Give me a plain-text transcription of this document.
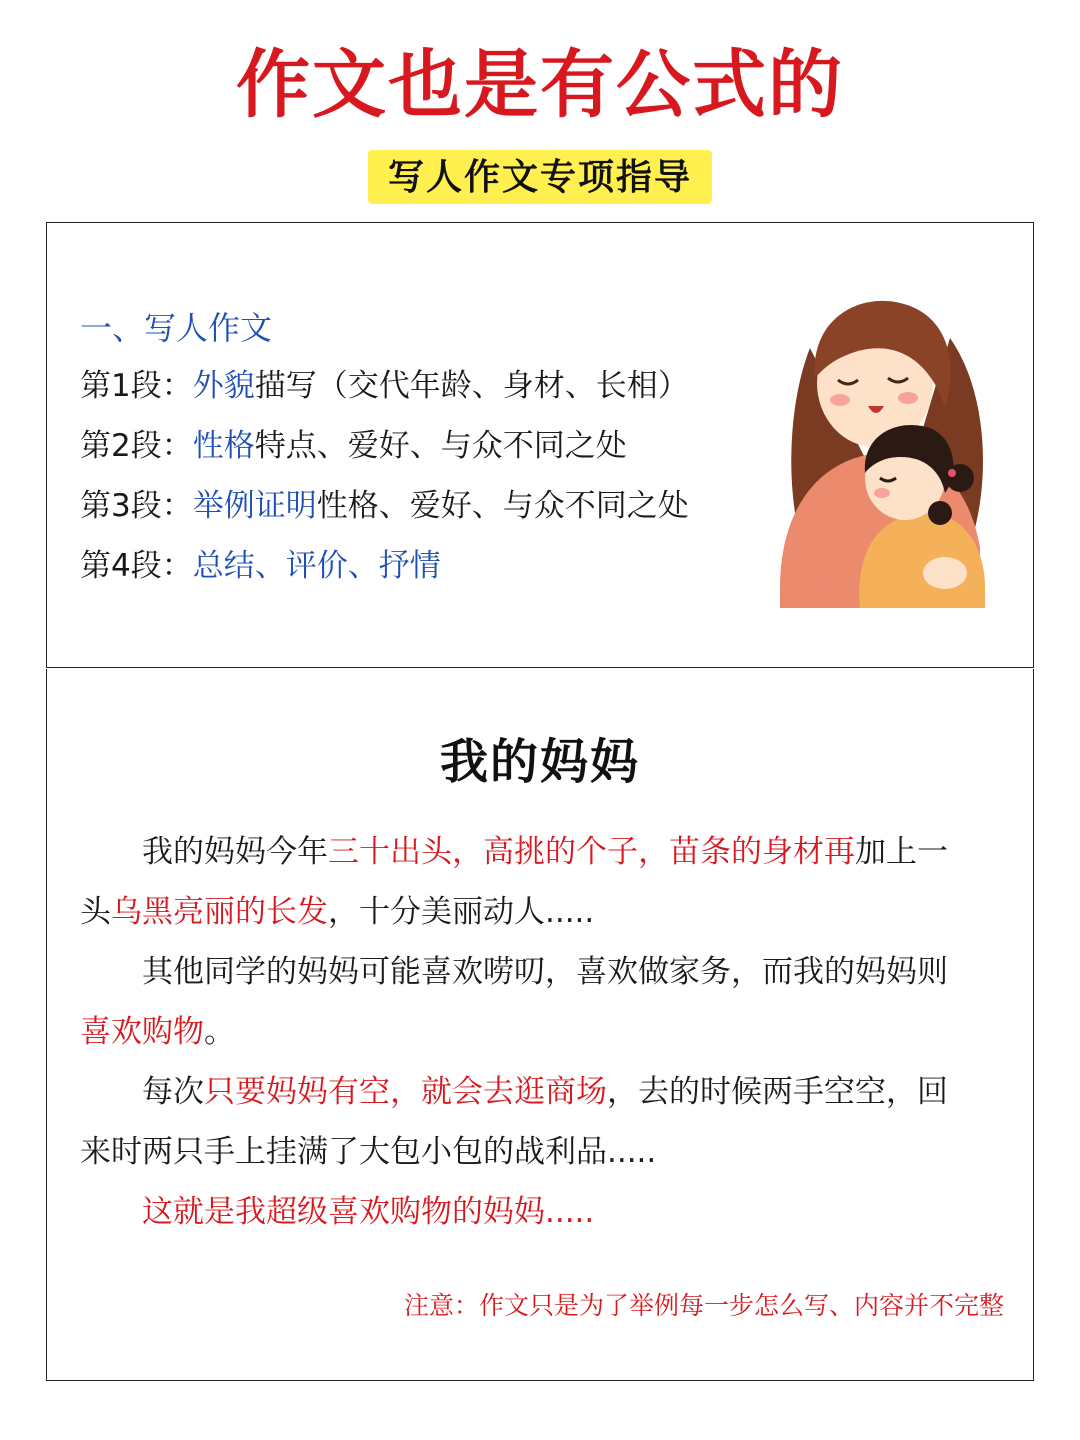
作文也是有公式的
写人作文专项指导
一、写人作文
第1段：外貌描写（交代年龄、身材、长相）
第2段：性格特点、爱好、与众不同之处
第3段：举例证明性格、爱好、与众不同之处
第4段：总结、评价、抒情
我的妈妈
我的妈妈今年三十出头，高挑的个子，苗条的身材再加上一
头乌黑亮丽的长发，十分美丽动人.....
其他同学的妈妈可能喜欢唠叨，喜欢做家务，而我的妈妈则
喜欢购物。
每次只要妈妈有空，就会去逛商场，去的时候两手空空，回
来时两只手上挂满了大包小包的战利品.....
这就是我超级喜欢购物的妈妈.....
注意：作文只是为了举例每一步怎么写、内容并不完整
